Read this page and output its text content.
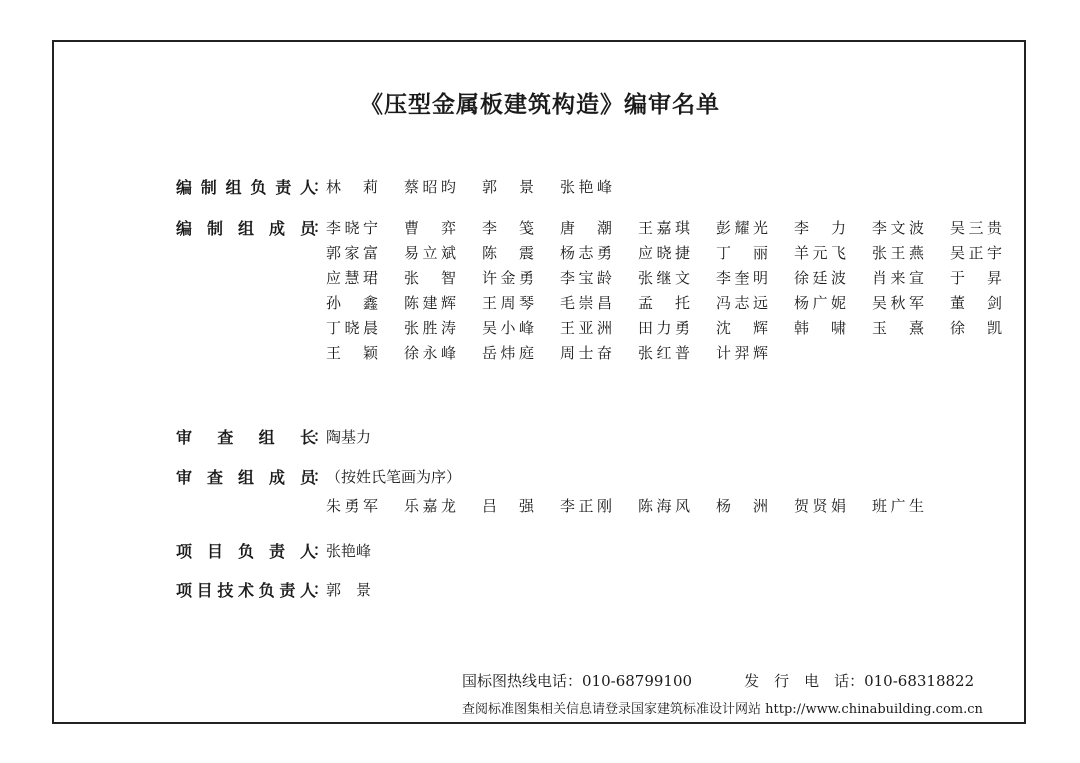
《压型金属板建筑构造》编审名单
编制组负责人
：
林　莉 蔡昭昀 郭　景 张艳峰
编制组成员
：
李晓宁 曹　弈 李　笺 唐　潮 王嘉琪 彭耀光 李　力 李文波 吴三贵
郭家富 易立斌 陈　震 杨志勇 应晓捷 丁　丽 羊元飞 张王燕 吴正宇
应慧珺 张　智 许金勇 李宝龄 张继文 李奎明 徐廷波 肖来宣 于　昇
孙　鑫 陈建辉 王周琴 毛崇昌 孟　托 冯志远 杨广妮 吴秋军 董　剑
丁晓晨 张胜涛 吴小峰 王亚洲 田力勇 沈　辉 韩　啸 玉　熹 徐　凯
王　颖 徐永峰 岳炜庭 周士奋 张红普 计羿辉
审查组长
：
陶基力
审查组成员
：
（按姓氏笔画为序）
朱勇军 乐嘉龙 吕　强 李正刚 陈海风 杨　洲 贺贤娟 班广生
项目负责人
：
张艳峰
项目技术负责人
：
郭　景
国标图热线电话：010-68799100	发　行　电　话：010-68318822
查阅标准图集相关信息请登录国家建筑标准设计网站 http://www.chinabuilding.com.cn
